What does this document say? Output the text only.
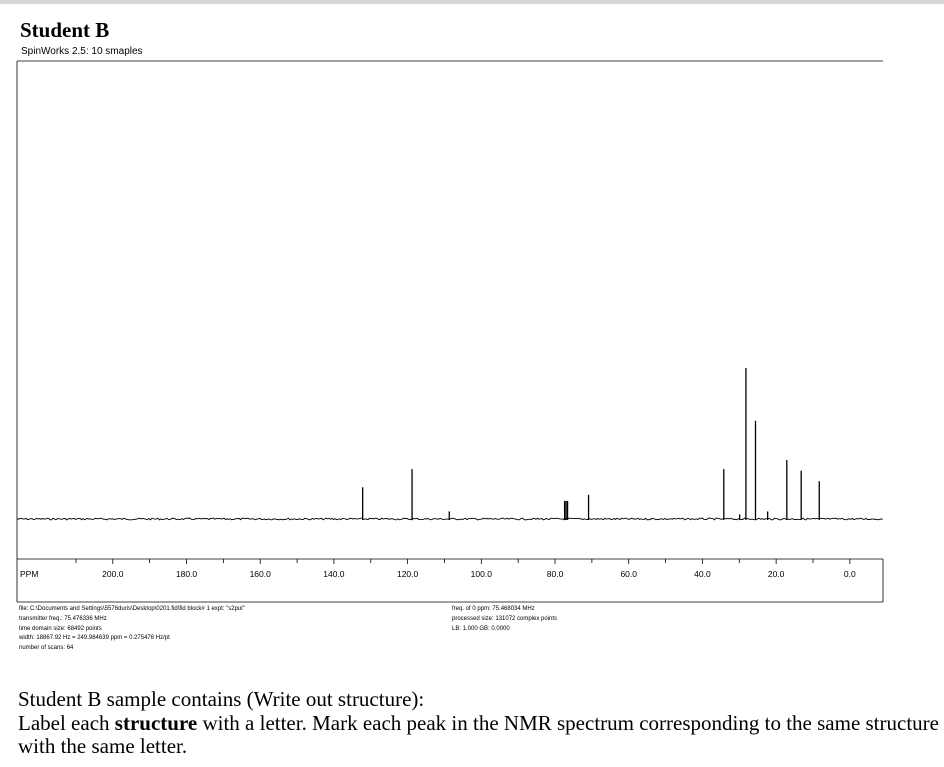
Student B
SpinWorks 2.5: 10 smaples
PPM	200.0	180.0	160.0	140.0	120.0	100.0	80.0	60.0	40.0	20.0	0.0
file: C:\Documents and Settings\5576duris\Desktop\0201.fid\fid block# 1 expt: "s2pul"
transmitter freq.: 75.476336 MHz
time domain size: 68492 points
width: 18867.92 Hz = 249.984639 ppm = 0.275476 Hz/pt
number of scans: 64
freq. of 0 ppm: 75.468034 MHz
processed size: 131072 complex points
LB: 1.000 GB: 0.0000

Student B sample contains (Write out structure):

Label each structure with a letter. Mark each peak in the NMR spectrum corresponding to the same structure with the same letter.
